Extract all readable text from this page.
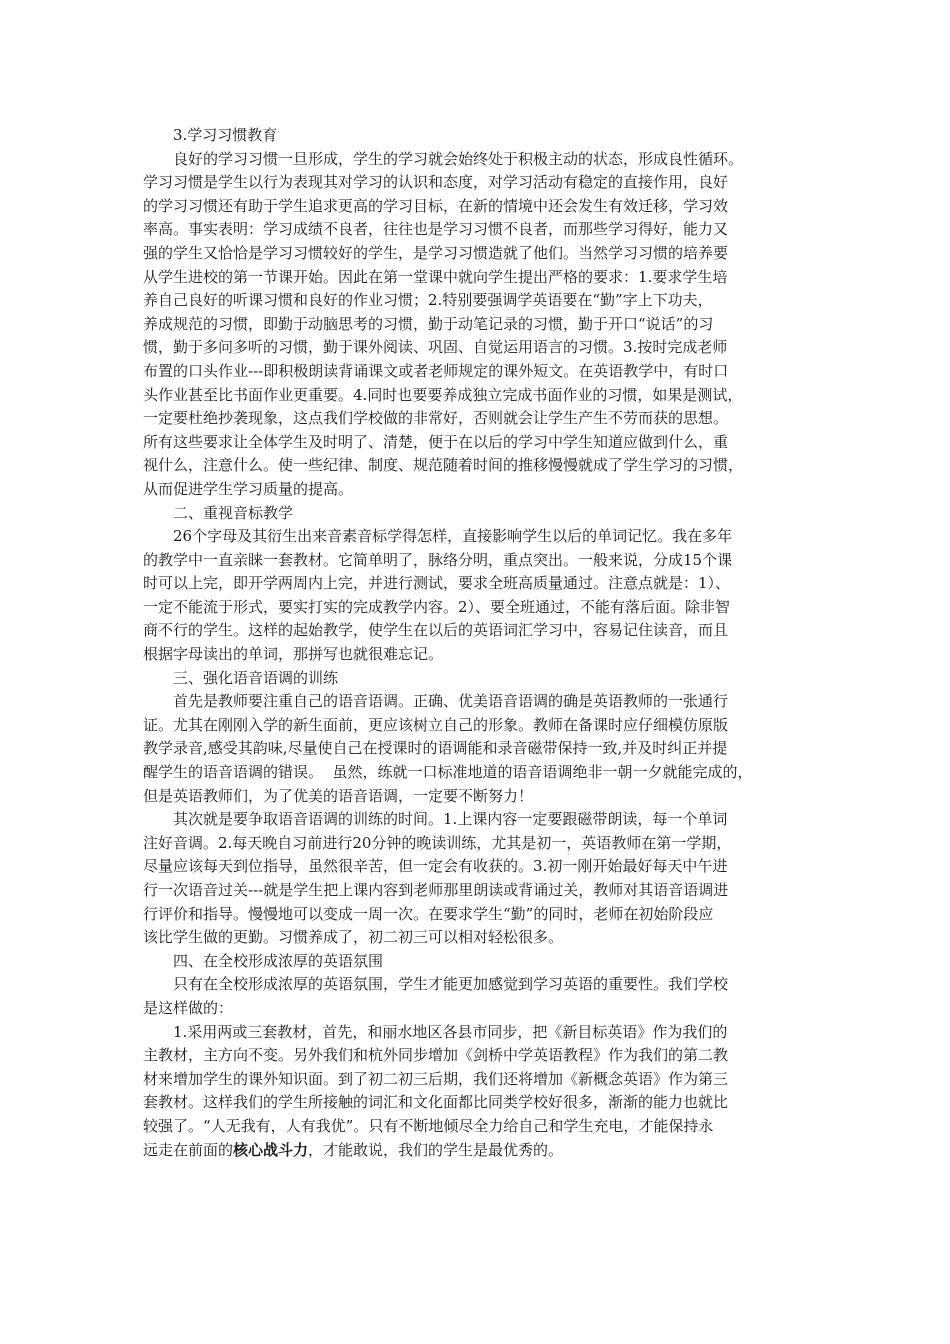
3.学习习惯教育
良好的学习习惯一旦形成，学生的学习就会始终处于积极主动的状态，形成良性循环。
学习习惯是学生以行为表现其对学习的认识和态度，对学习活动有稳定的直接作用，良好
的学习习惯还有助于学生追求更高的学习目标，在新的情境中还会发生有效迁移，学习效
率高。事实表明：学习成绩不良者，往往也是学习习惯不良者，而那些学习得好，能力又
强的学生又恰恰是学习习惯较好的学生，是学习习惯造就了他们。当然学习习惯的培养要
从学生进校的第一节课开始。因此在第一堂课中就向学生提出严格的要求：1.要求学生培
养自己良好的听课习惯和良好的作业习惯；2.特别要强调学英语要在“勤”字上下功夫，
养成规范的习惯，即勤于动脑思考的习惯，勤于动笔记录的习惯，勤于开口“说话”的习
惯，勤于多问多听的习惯，勤于课外阅读、巩固、自觉运用语言的习惯。3.按时完成老师
布置的口头作业---即积极朗读背诵课文或者老师规定的课外短文。在英语教学中，有时口
头作业甚至比书面作业更重要。4.同时也要要养成独立完成书面作业的习惯，如果是测试，
一定要杜绝抄袭现象，这点我们学校做的非常好，否则就会让学生产生不劳而获的思想。
所有这些要求让全体学生及时明了、清楚，便于在以后的学习中学生知道应做到什么，重
视什么，注意什么。使一些纪律、制度、规范随着时间的推移慢慢就成了学生学习的习惯，
从而促进学生学习质量的提高。
二、重视音标教学
26个字母及其衍生出来音素音标学得怎样，直接影响学生以后的单词记忆。我在多年
的教学中一直亲睐一套教材。它简单明了，脉络分明，重点突出。一般来说，分成15个课
时可以上完，即开学两周内上完，并进行测试，要求全班高质量通过。注意点就是：1）、
一定不能流于形式，要实打实的完成教学内容。2）、要全班通过，不能有落后面。除非智
商不行的学生。这样的起始教学，使学生在以后的英语词汇学习中，容易记住读音，而且
根据字母读出的单词，那拼写也就很难忘记。
三、强化语音语调的训练
首先是教师要注重自己的语音语调。正确、优美语音语调的确是英语教师的一张通行
证。尤其在刚刚入学的新生面前，更应该树立自己的形象。教师在备课时应仔细模仿原版
教学录音,感受其韵味,尽量使自己在授课时的语调能和录音磁带保持一致,并及时纠正并提
醒学生的语音语调的错误。  虽然，练就一口标准地道的语音语调绝非一朝一夕就能完成的，
但是英语教师们，为了优美的语音语调，一定要不断努力！
其次就是要争取语音语调的训练的时间。1.上课内容一定要跟磁带朗读，每一个单词
注好音调。2.每天晚自习前进行20分钟的晚读训练，尤其是初一，英语教师在第一学期，
尽量应该每天到位指导，虽然很辛苦，但一定会有收获的。3.初一刚开始最好每天中午进
行一次语音过关---就是学生把上课内容到老师那里朗读或背诵过关，教师对其语音语调进
行评价和指导。慢慢地可以变成一周一次。在要求学生“勤”的同时，老师在初始阶段应
该比学生做的更勤。习惯养成了，初二初三可以相对轻松很多。
四、在全校形成浓厚的英语氛围
只有在全校形成浓厚的英语氛围，学生才能更加感觉到学习英语的重要性。我们学校
是这样做的：
1.采用两或三套教材，首先，和丽水地区各县市同步，把《新目标英语》作为我们的
主教材，主方向不变。另外我们和杭外同步增加《剑桥中学英语教程》作为我们的第二教
材来增加学生的课外知识面。到了初二初三后期，我们还将增加《新概念英语》作为第三
套教材。这样我们的学生所接触的词汇和文化面都比同类学校好很多，渐渐的能力也就比
较强了。“人无我有，人有我优”。只有不断地倾尽全力给自己和学生充电，才能保持永
远走在前面的核心战斗力，才能敢说，我们的学生是最优秀的。
